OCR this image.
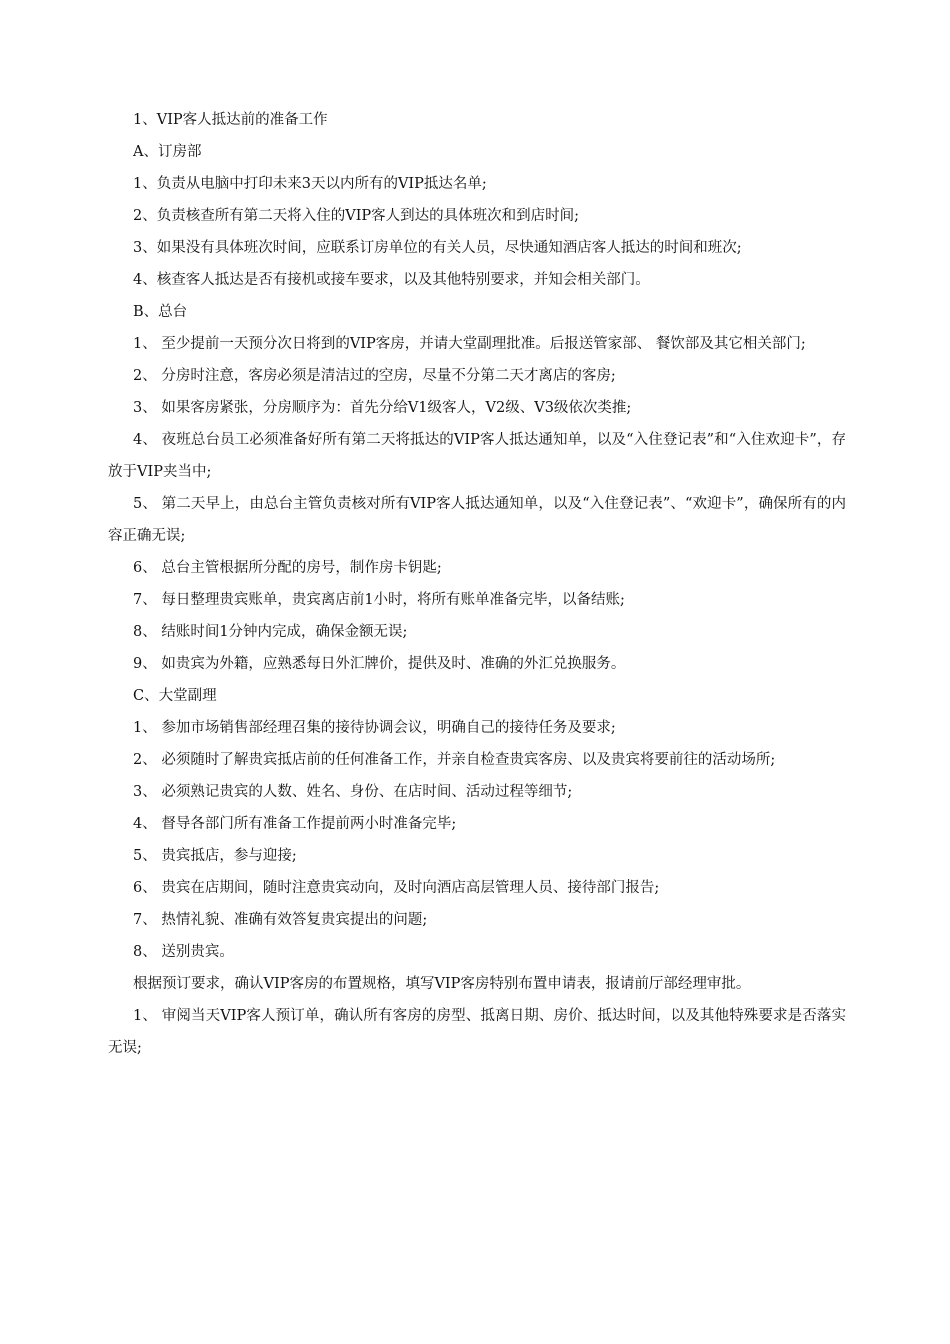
1、VIP客人抵达前的准备工作

A、订房部

1、负责从电脑中打印未来3天以内所有的VIP抵达名单;

2、负责核查所有第二天将入住的VIP客人到达的具体班次和到店时间;

3、如果没有具体班次时间，应联系订房单位的有关人员，尽快通知酒店客人抵达的时间和班次;

4、核查客人抵达是否有接机或接车要求，以及其他特别要求，并知会相关部门。

B、总台

1、 至少提前一天预分次日将到的VIP客房，并请大堂副理批准。后报送管家部、 餐饮部及其它相关部门;

2、 分房时注意，客房必须是清洁过的空房，尽量不分第二天才离店的客房;

3、 如果客房紧张，分房顺序为：首先分给V1级客人，V2级、V3级依次类推;

4、 夜班总台员工必须准备好所有第二天将抵达的VIP客人抵达通知单，以及“入住登记表”和“入住欢迎卡”，存放于VIP夹当中;

5、 第二天早上，由总台主管负责核对所有VIP客人抵达通知单，以及“入住登记表”、“欢迎卡”，确保所有的内容正确无误;

6、 总台主管根据所分配的房号，制作房卡钥匙;

7、 每日整理贵宾账单，贵宾离店前1小时，将所有账单准备完毕，以备结账;

8、 结账时间1分钟内完成，确保金额无误;

9、 如贵宾为外籍，应熟悉每日外汇牌价，提供及时、准确的外汇兑换服务。

C、大堂副理

1、 参加市场销售部经理召集的接待协调会议，明确自己的接待任务及要求;

2、 必须随时了解贵宾抵店前的任何准备工作，并亲自检查贵宾客房、以及贵宾将要前往的活动场所;

3、 必须熟记贵宾的人数、姓名、身份、在店时间、活动过程等细节;

4、 督导各部门所有准备工作提前两小时准备完毕;

5、 贵宾抵店，参与迎接;

6、 贵宾在店期间，随时注意贵宾动向，及时向酒店高层管理人员、接待部门报告;

7、 热情礼貌、准确有效答复贵宾提出的问题;

8、 送别贵宾。

根据预订要求，确认VIP客房的布置规格，填写VIP客房特别布置申请表，报请前厅部经理审批。

1、 审阅当天VIP客人预订单，确认所有客房的房型、抵离日期、房价、抵达时间，以及其他特殊要求是否落实无误;
